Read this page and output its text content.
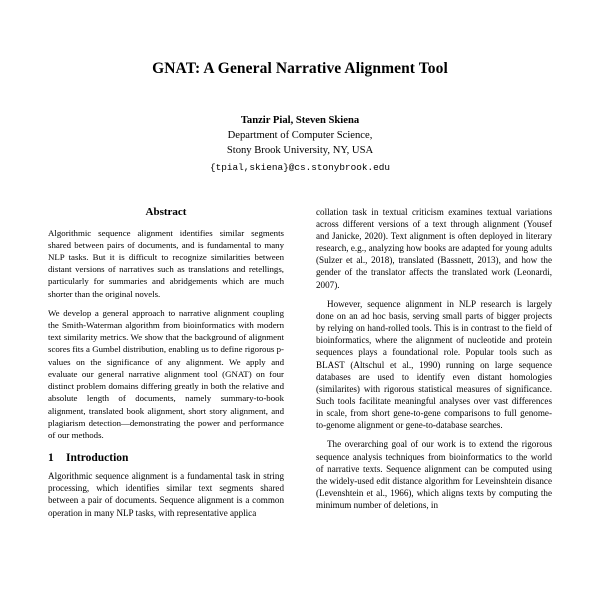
GNAT: A General Narrative Alignment Tool
Tanzir Pial, Steven Skiena
Department of Computer Science,
Stony Brook University, NY, USA
{tpial,skiena}@cs.stonybrook.edu
Abstract

Algorithmic sequence alignment identifies similar segments shared between pairs of documents, and is fundamental to many NLP tasks. But it is difficult to recognize similarities between distant versions of narratives such as translations and retellings, particularly for summaries and abridgements which are much shorter than the original novels.

We develop a general approach to narrative alignment coupling the Smith-Waterman algorithm from bioinformatics with modern text similarity metrics. We show that the background of alignment scores fits a Gumbel distribution, enabling us to define rigorous p-values on the significance of any alignment. We apply and evaluate our general narrative alignment tool (GNAT) on four distinct problem domains differing greatly in both the relative and absolute length of documents, namely summary-to-book alignment, translated book alignment, short story alignment, and plagiarism detection—demonstrating the power and performance of our methods.

1 Introduction

Algorithmic sequence alignment is a fundamental task in string processing, which identifies similar text segments shared between a pair of documents. Sequence alignment is a common operation in many NLP tasks, with representative applica

collation task in textual criticism examines textual variations across different versions of a text through alignment (Yousef and Janicke, 2020). Text alignment is often deployed in literary research, e.g., analyzing how books are adapted for young adults (Sulzer et al., 2018), translated (Bassnett, 2013), and how the gender of the translator affects the translated work (Leonardi, 2007).

However, sequence alignment in NLP research is largely done on an ad hoc basis, serving small parts of bigger projects by relying on hand-rolled tools. This is in contrast to the field of bioinformatics, where the alignment of nucleotide and protein sequences plays a foundational role. Popular tools such as BLAST (Altschul et al., 1990) running on large sequence databases are used to identify even distant homologies (similarites) with rigorous statistical measures of significance. Such tools facilitate meaningful analyses over vast differences in scale, from short gene-to-gene comparisons to full genome-to-genome alignment or gene-to-database searches.

The overarching goal of our work is to extend the rigorous sequence analysis techniques from bioinformatics to the world of narrative texts. Sequence alignment can be computed using the widely-used edit distance algorithm for Leveinshtein disance (Levenshtein et al., 1966), which aligns texts by computing the minimum number of deletions, in
